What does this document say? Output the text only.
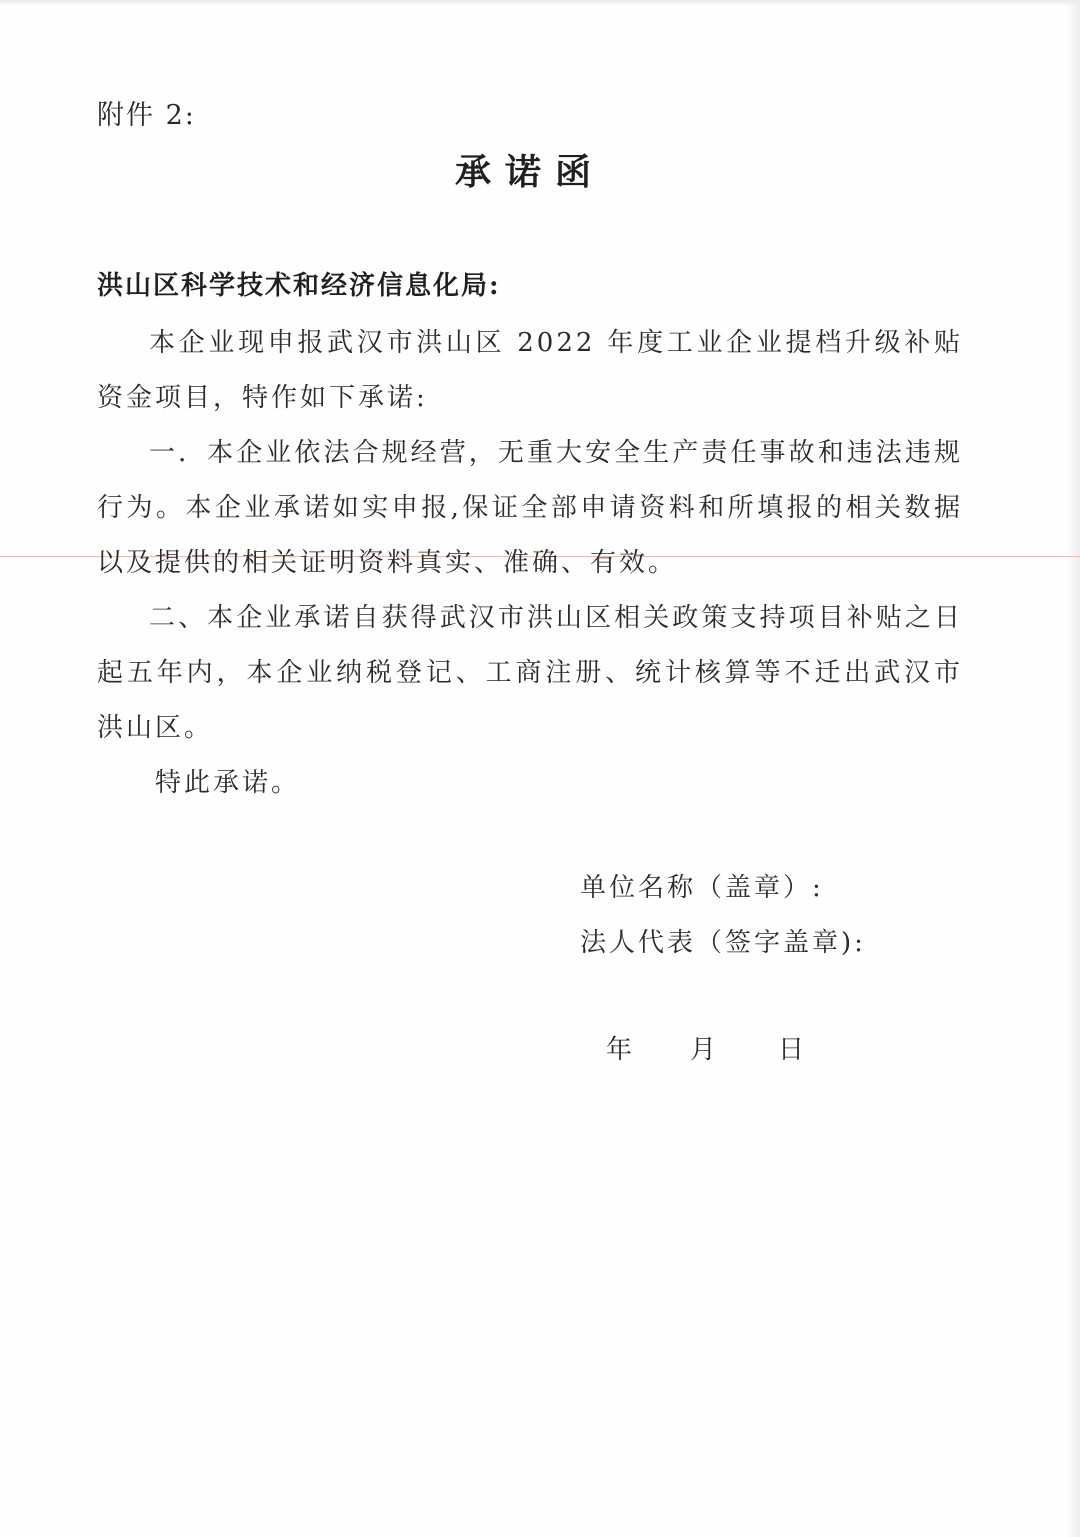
附件 2:
承诺函
洪山区科学技术和经济信息化局:

本企业现申报武汉市洪山区 2022 年度工业企业提档升级补贴资金项目，特作如下承诺:

一．本企业依法合规经营，无重大安全生产责任事故和违法违规行为。本企业承诺如实申报,保证全部申请资料和所填报的相关数据以及提供的相关证明资料真实、准确、有效。

二、本企业承诺自获得武汉市洪山区相关政策支持项目补贴之日起五年内，本企业纳税登记、工商注册、统计核算等不迁出武汉市洪山区。

特此承诺。
单位名称（盖章）:
法人代表（签字盖章):
年 月 日
